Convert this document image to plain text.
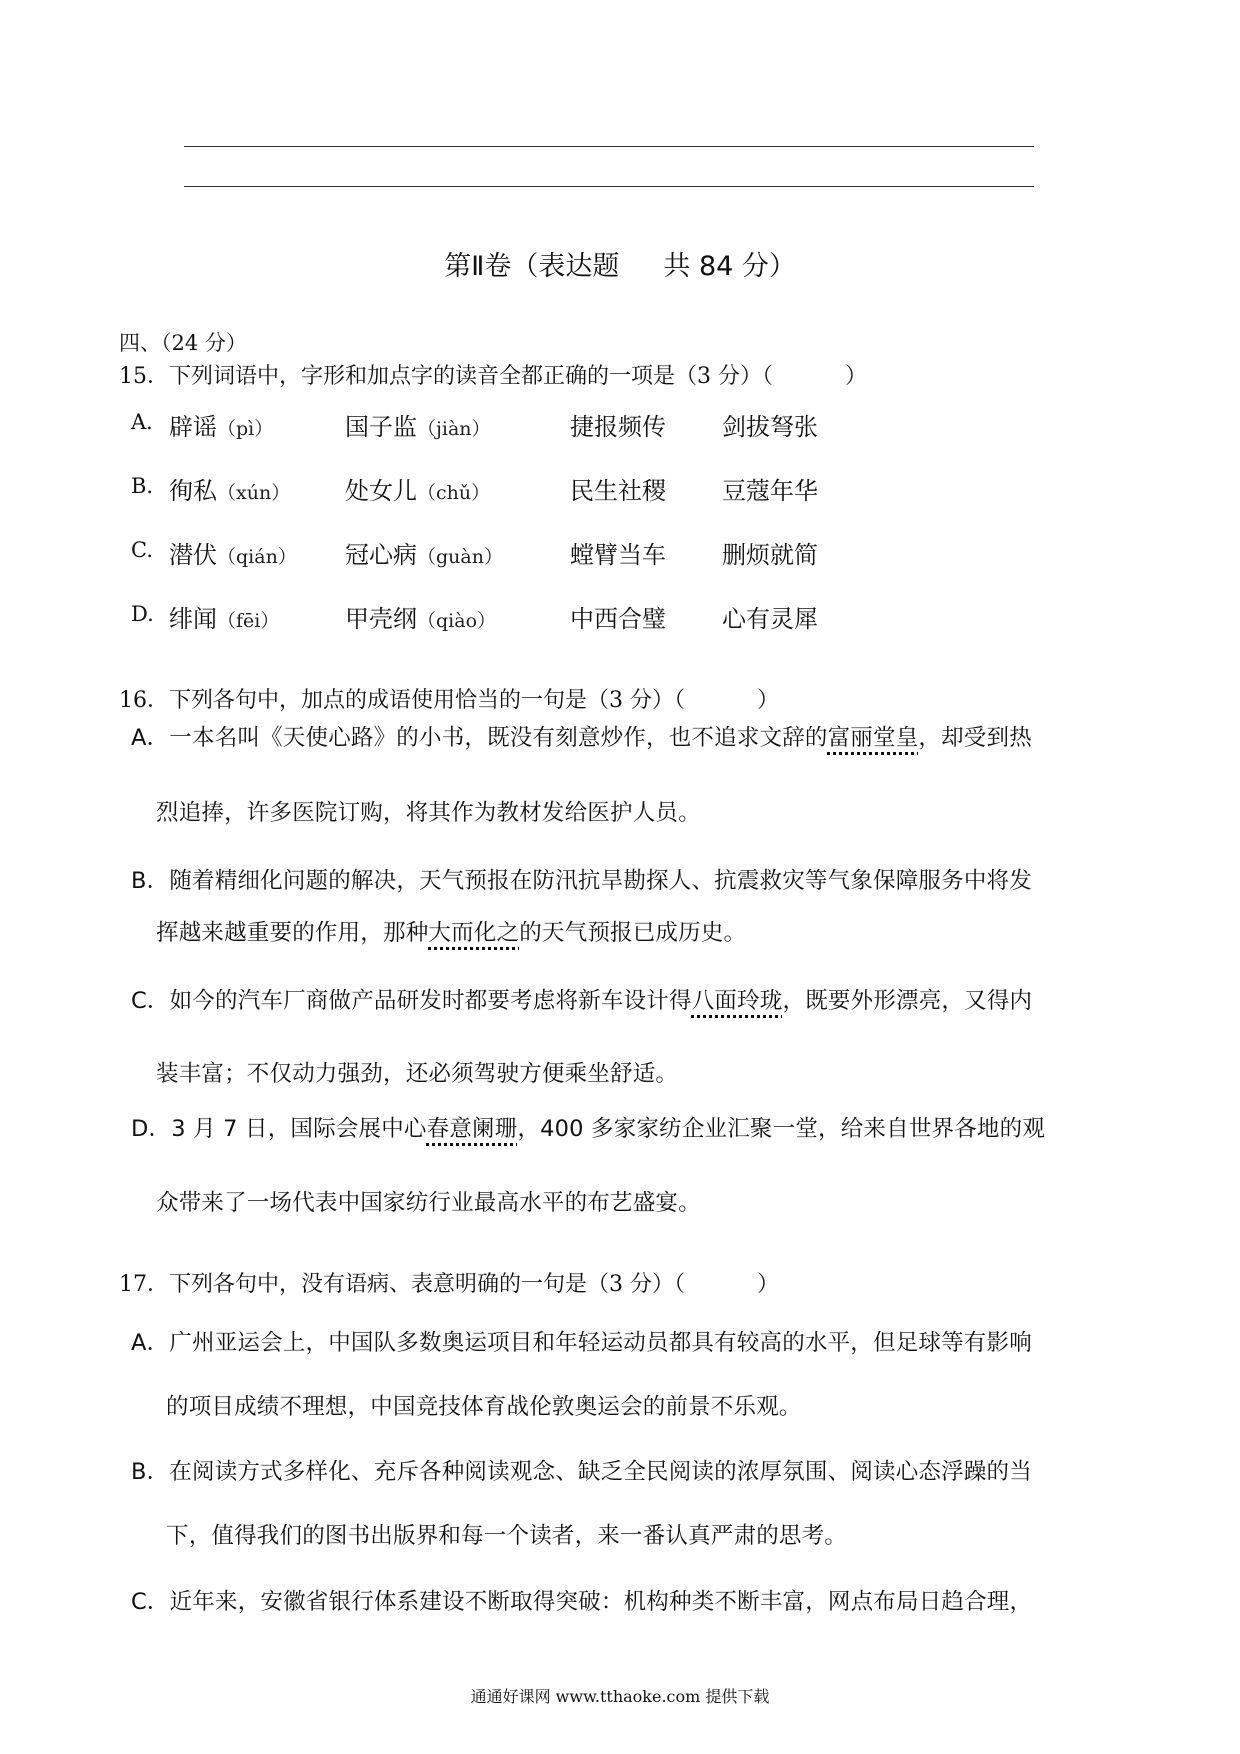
第Ⅱ卷（表达题 共 84 分）
四、（24 分）
15．下列词语中，字形和加点字的读音全都正确的一项是（3 分）（	）
A. 辟谣（pì）	国子监（jiàn）	捷报频传 剑拔弩张
B. 徇私（xún） 处女儿（chǔ）	民生社稷 豆蔻年华
C. 潜伏（qián） 冠心病（guàn）	螳臂当车 删烦就简
D. 绯闻（fēi）	甲壳纲（qiào）	中西合璧 心有灵犀
16．下列各句中，加点的成语使用恰当的一句是（3 分）（	）
A．一本名叫《天使心路》的小书，既没有刻意炒作，也不追求文辞的富丽堂皇，却受到热
烈追捧，许多医院订购，将其作为教材发给医护人员。
B．随着精细化问题的解决，天气预报在防汛抗旱勘探人、抗震救灾等气象保障服务中将发
挥越来越重要的作用，那种大而化之的天气预报已成历史。
C．如今的汽车厂商做产品研发时都要考虑将新车设计得八面玲珑，既要外形漂亮，又得内
装丰富；不仅动力强劲，还必须驾驶方便乘坐舒适。
D．3 月 7 日，国际会展中心春意阑珊，400 多家家纺企业汇聚一堂，给来自世界各地的观
众带来了一场代表中国家纺行业最高水平的布艺盛宴。
17．下列各句中，没有语病、表意明确的一句是（3 分）（	）
A．广州亚运会上，中国队多数奥运项目和年轻运动员都具有较高的水平，但足球等有影响
的项目成绩不理想，中国竞技体育战伦敦奥运会的前景不乐观。
B．在阅读方式多样化、充斥各种阅读观念、缺乏全民阅读的浓厚氛围、阅读心态浮躁的当
下，值得我们的图书出版界和每一个读者，来一番认真严肃的思考。
C．近年来，安徽省银行体系建设不断取得突破：机构种类不断丰富，网点布局日趋合理，
通通好课网 www.tthaoke.com 提供下载
